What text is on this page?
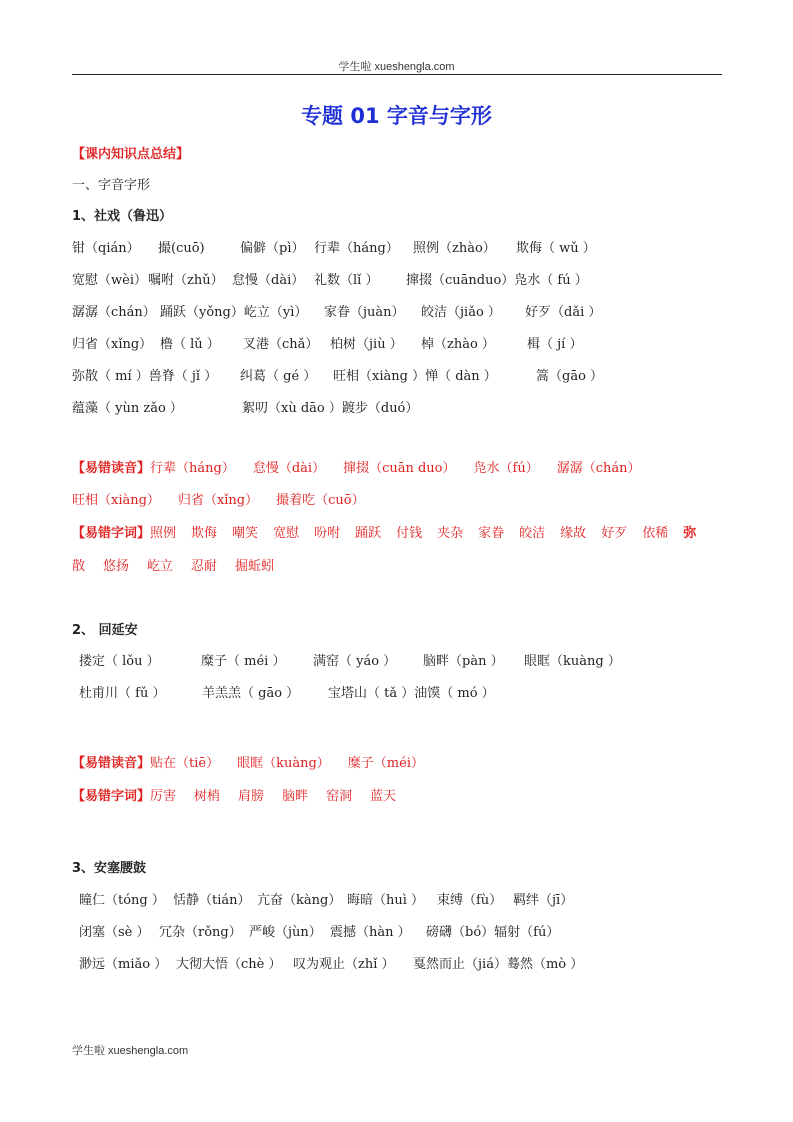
学生啦 xueshengla.com
专题 01 字音与字形
【课内知识点总结】
一、字音字形
1、社戏（鲁迅）
钳（qián） 撮(cuō)	偏僻（pì） 行辈（háng） 照例（zhào） 欺侮（ wǔ ）
宽慰（wèi）嘱咐（zhǔ） 怠慢（dài） 礼数（lǐ ） 撺掇（cuānduo）凫水（ fú ）
潺潺（chán） 踊跃（yǒng）屹立（yì） 家眷（juàn） 皎洁（jiǎo ） 好歹（dǎi ）
归省（xǐng） 橹（ lǔ ） 叉港（chǎ） 柏树（jiù ） 棹（zhào ） 楫（ jí ）
弥散（ mí ）兽脊（ jǐ ） 纠葛（ gé ） 旺相（xiàng ）惮（ dàn ）	篙（gāo ）
蕴藻（ yùn zǎo ）	絮叨（xù dāo ）踱步（duó）
【易错读音】行辈（háng） 怠慢（dài） 撺掇（cuān duo） 凫水（fú） 潺潺（chán）
旺相（xiàng） 归省（xǐng） 撮着吃（cuō）
【易错字词】照例 欺侮 嘲笑 宽慰 吩咐 踊跃 付钱 夹杂 家眷 皎洁 缘故 好歹 依稀 弥
散 悠扬 屹立 忍耐 掘蚯蚓
2、 回延安
搂定（ lǒu ）	糜子（ méi ） 满窑（ yáo ） 脑畔（pàn ） 眼眶（kuàng ）
杜甫川（ fǔ ）	羊羔羔（ gāo ） 宝塔山（ tǎ ）油馍（ mó ）
【易错读音】贴在（tiē） 眼眶（kuàng） 糜子（méi）
【易错字词】厉害 树梢 肩膀 脑畔 窑洞 蓝天
3、安塞腰鼓
瞳仁（tóng ） 恬静（tián） 亢奋（kàng） 晦暗（huì ） 束缚（fù） 羁绊（jī）
闭塞（sè ） 冗杂（rǒng） 严峻（jùn） 震撼（hàn ） 磅礴（bó）辐射（fú）
渺远（miǎo ） 大彻大悟（chè ） 叹为观止（zhǐ ） 戛然而止（jiá）蓦然（mò ）
学生啦 xueshengla.com
